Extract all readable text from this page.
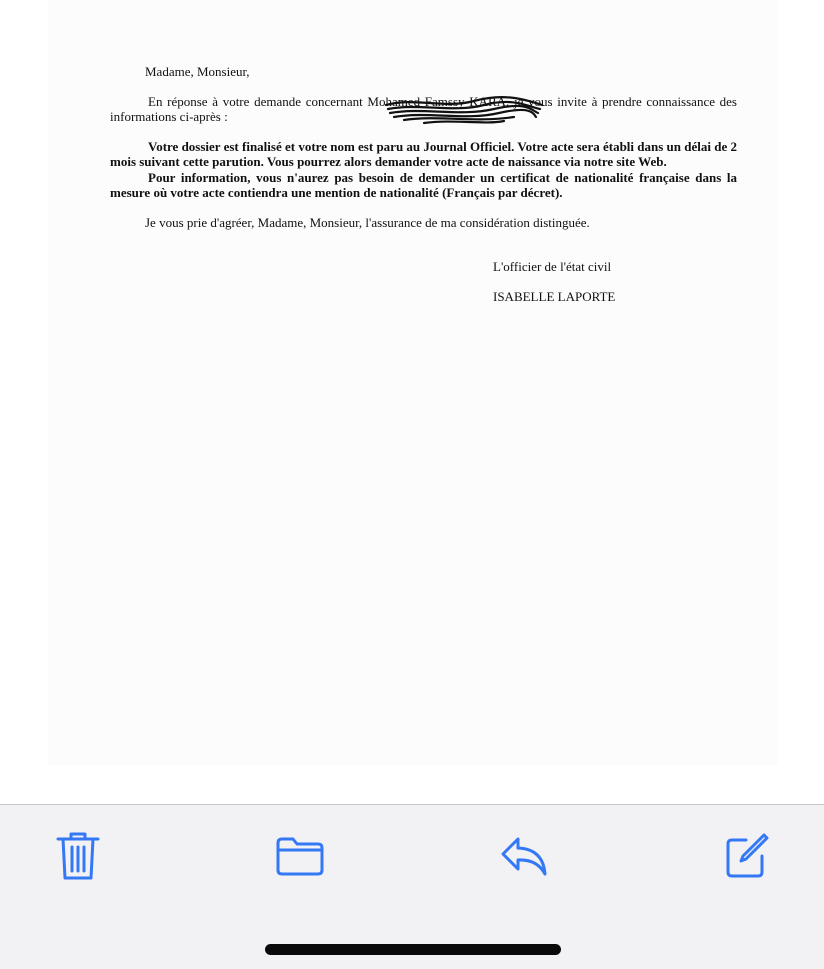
Madame, Monsieur,

En réponse à votre demande concernant Mohamed Famssy KARA, je vous invite à prendre connaissance des informations ci-après :

Votre dossier est finalisé et votre nom est paru au Journal Officiel. Votre acte sera établi dans un délai de 2 mois suivant cette parution. Vous pourrez alors demander votre acte de naissance via notre site Web.

Pour information, vous n'aurez pas besoin de demander un certificat de nationalité française dans la mesure où votre acte contiendra une mention de nationalité (Français par décret).

Je vous prie d'agréer, Madame, Monsieur, l'assurance de ma considération distinguée.

L'officier de l'état civil
ISABELLE LAPORTE
